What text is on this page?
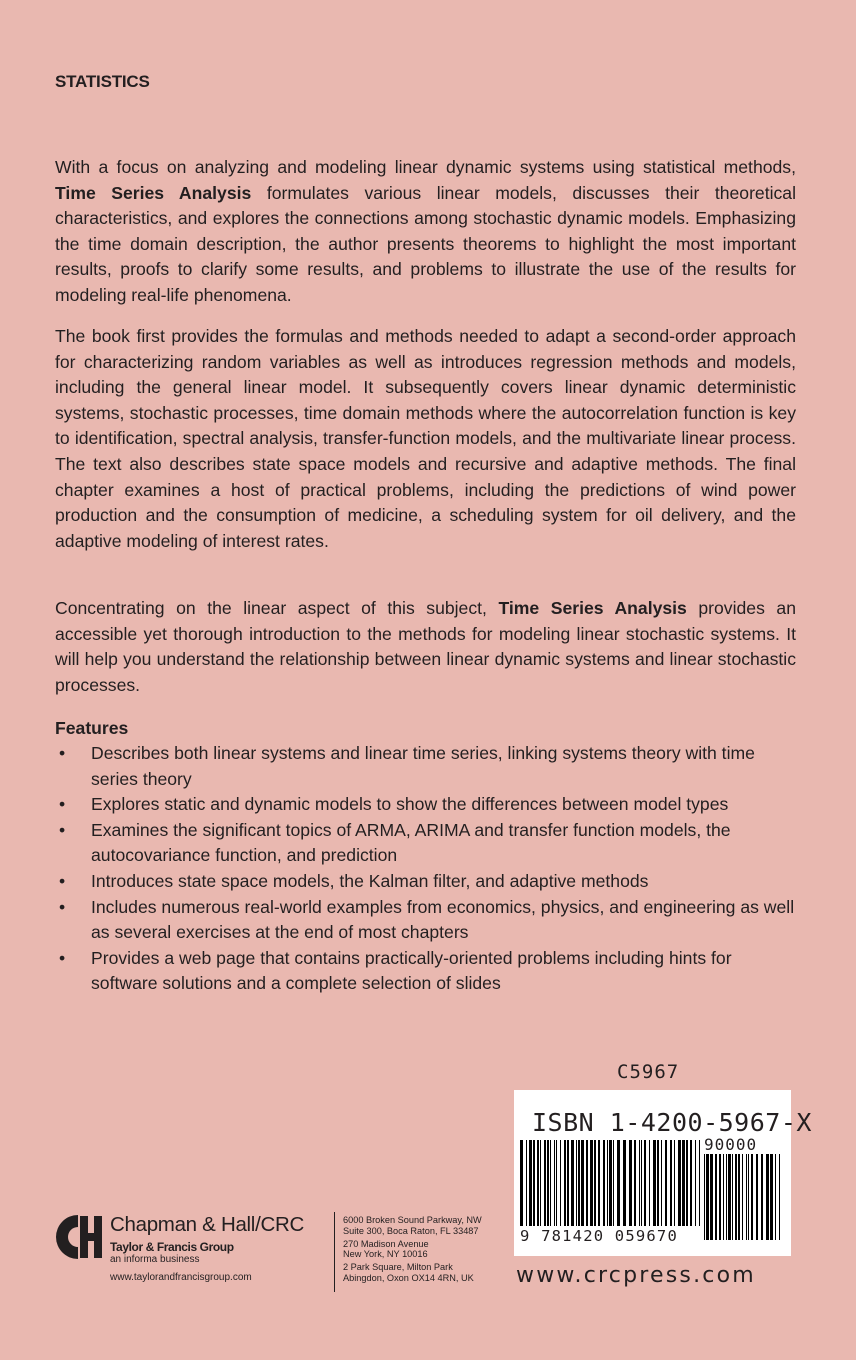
STATISTICS

With a focus on analyzing and modeling linear dynamic systems using statistical methods, Time Series Analysis formulates various linear models, discusses their theoretical characteristics, and explores the connections among stochastic dynamic models. Emphasizing the time domain description, the author presents theorems to highlight the most important results, proofs to clarify some results, and problems to illustrate the use of the results for modeling real-life phenomena.

The book first provides the formulas and methods needed to adapt a second-order approach for characterizing random variables as well as introduces regression methods and models, including the general linear model. It subsequently covers linear dynamic deterministic systems, stochastic processes, time domain methods where the autocorrelation function is key to identification, spectral analysis, transfer-function models, and the multivariate linear process. The text also describes state space models and recursive and adaptive methods. The final chapter examines a host of practical problems, including the predictions of wind power production and the consumption of medicine, a scheduling system for oil delivery, and the adaptive modeling of interest rates.

Concentrating on the linear aspect of this subject, Time Series Analysis provides an accessible yet thorough introduction to the methods for modeling linear stochastic systems. It will help you understand the relationship between linear dynamic systems and linear stochastic processes.

Features
• Describes both linear systems and linear time series, linking systems theory with time series theory
• Explores static and dynamic models to show the differences between model types
• Examines the significant topics of ARMA, ARIMA and transfer function models, the autocovariance function, and prediction
• Introduces state space models, the Kalman filter, and adaptive methods
• Includes numerous real-world examples from economics, physics, and engineering as well as several exercises at the end of most chapters
• Provides a web page that contains practically-oriented problems including hints for software solutions and a complete selection of slides
C5967
ISBN 1-4200-5967-X
90000
9 781420 059670
www.crcpress.com
Chapman & Hall/CRC
Taylor & Francis Group
an informa business
www.taylorandfrancisgroup.com
6000 Broken Sound Parkway, NW
Suite 300, Boca Raton, FL 33487
270 Madison Avenue
New York, NY 10016
2 Park Square, Milton Park
Abingdon, Oxon OX14 4RN, UK
